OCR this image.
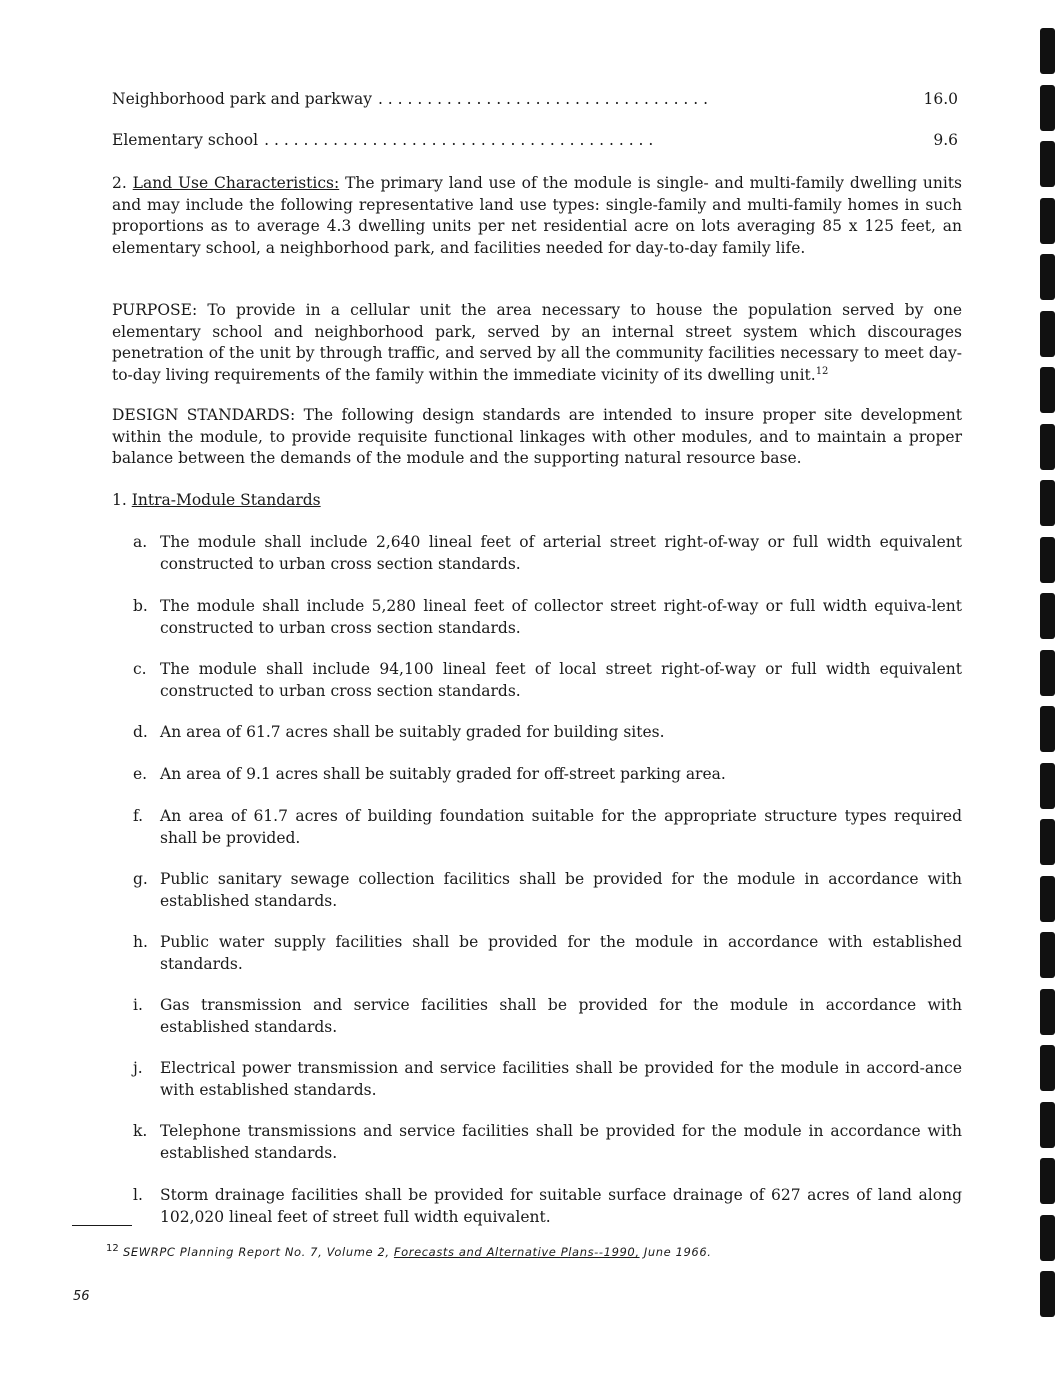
Neighborhood park and parkway . . . . . . . . . . . . . . . . . . . . . . . . . . . . . . . . . .	16.0
Elementary school . . . . . . . . . . . . . . . . . . . . . . . . . . . . . . . . . . . . . . . .	9.6
2. Land Use Characteristics: The primary land use of the module is single- and multi-family dwelling units and may include the following representative land use types: single-family and multi-family homes in such proportions as to average 4.3 dwelling units per net residential acre on lots averaging 85 x 125 feet, an elementary school, a neighborhood park, and facilities needed for day-to-day family life.
PURPOSE: To provide in a cellular unit the area necessary to house the population served by one elementary school and neighborhood park, served by an internal street system which discourages penetration of the unit by through traffic, and served by all the community facilities necessary to meet day-to-day living requirements of the family within the immediate vicinity of its dwelling unit.$^{12}$
DESIGN STANDARDS: The following design standards are intended to insure proper site development within the module, to provide requisite functional linkages with other modules, and to maintain a proper balance between the demands of the module and the supporting natural resource base.
1. Intra-Module Standards
a. The module shall include 2,640 lineal feet of arterial street right-of-way or full width equivalent constructed to urban cross section standards.
b. The module shall include 5,280 lineal feet of collector street right-of-way or full width equiva-lent constructed to urban cross section standards.
c. The module shall include 94,100 lineal feet of local street right-of-way or full width equivalent constructed to urban cross section standards.
d. An area of 61.7 acres shall be suitably graded for building sites.
e. An area of 9.1 acres shall be suitably graded for off-street parking area.
f.	An area of 61.7 acres of building foundation suitable for the appropriate structure types required shall be provided.
g. Public sanitary sewage collection facilitics shall be provided for the module in accordance with established standards.
h. Public water supply facilities shall be provided for the module in accordance with established standards.
i.	Gas transmission and service facilities shall be provided for the module in accordance with established standards.
j.	Electrical power transmission and service facilities shall be provided for the module in accord-ance with established standards.
k. Telephone transmissions and service facilities shall be provided for the module in accordance with established standards.
l.	Storm drainage facilities shall be provided for suitable surface drainage of 627 acres of land along 102,020 lineal feet of street full width equivalent.
$^{12}$ SEWRPC Planning Report No. 7, Volume 2, Forecasts and Alternative Plans--1990, June 1966.
56
